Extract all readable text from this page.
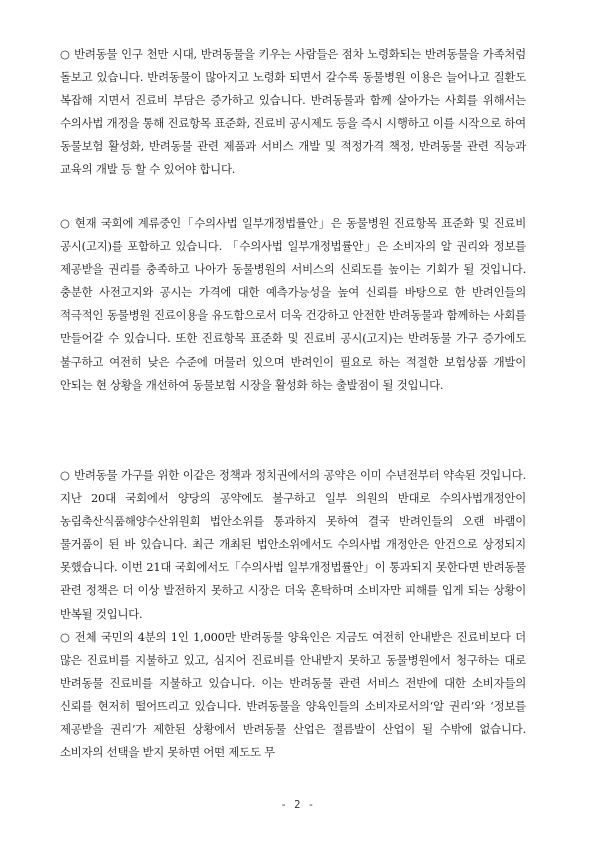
○ 반려동물 인구 천만 시대, 반려동물을 키우는 사람들은 점차 노령화되는 반려동물을 가족처럼 돌보고 있습니다. 반려동물이 많아지고 노령화 되면서 갈수록 동물병원 이용은 늘어나고 질환도 복잡해 지면서 진료비 부담은 증가하고 있습니다. 반려동물과 함께 살아가는 사회를 위해서는 수의사법 개정을 통해 진료항목 표준화, 진료비 공시제도 등을 즉시 시행하고 이를 시작으로 하여 동물보험 활성화, 반려동물 관련 제품과 서비스 개발 및 적정가격 책정, 반려동물 관련 직능과 교육의 개발 등 할 수 있어야 합니다.

○ 현재 국회에 계류중인「수의사법 일부개정법률안」은 동물병원 진료항목 표준화 및 진료비 공시(고지)를 포함하고 있습니다. 「수의사법 일부개정법률안」은 소비자의 알 권리와 정보를 제공받을 권리를 충족하고 나아가 동물병원의 서비스의 신뢰도를 높이는 기회가 될 것입니다. 충분한 사전고지와 공시는 가격에 대한 예측가능성을 높여 신뢰를 바탕으로 한 반려인들의 적극적인 동물병원 진료이용을 유도함으로서 더욱 건강하고 안전한 반려동물과 함께하는 사회를 만들어갈 수 있습니다. 또한 진료항목 표준화 및 진료비 공시(고지)는 반려동물 가구 증가에도 불구하고 여전히 낮은 수준에 머물러 있으며 반려인이 필요로 하는 적절한 보험상품 개발이 안되는 현 상황을 개선하여 동물보험 시장을 활성화 하는 출발점이 될 것입니다.

○ 반려동물 가구를 위한 이같은 정책과 정치권에서의 공약은 이미 수년전부터 약속된 것입니다. 지난 20대 국회에서 양당의 공약에도 불구하고 일부 의원의 반대로 수의사법개정안이 농림축산식품해양수산위원회 법안소위를 통과하지 못하여 결국 반려인들의 오랜 바램이 물거품이 된 바 있습니다. 최근 개최된 법안소위에서도 수의사법 개정안은 안건으로 상정되지 못했습니다. 이번 21대 국회에서도「수의사법 일부개정법률안」이 통과되지 못한다면 반려동물 관련 정책은 더 이상 발전하지 못하고 시장은 더욱 혼탁하며 소비자만 피해를 입게 되는 상황이 반복될 것입니다.

○ 전체 국민의 4분의 1인 1,000만 반려동물 양육인은 지금도 여전히 안내받은 진료비보다 더 많은 진료비를 지불하고 있고, 심지어 진료비를 안내받지 못하고 동물병원에서 청구하는 대로 반려동물 진료비를 지불하고 있습니다. 이는 반려동물 관련 서비스 전반에 대한 소비자들의 신뢰를 현저히 떨어뜨리고 있습니다. 반려동물을 양육인들의 소비자로서의‘알 권리’와 ‘정보를 제공받을 권리’가 제한된 상황에서 반려동물 산업은 절름발이 산업이 될 수밖에 없습니다. 소비자의 선택을 받지 못하면 어떤 제도도 무

- 2 -
